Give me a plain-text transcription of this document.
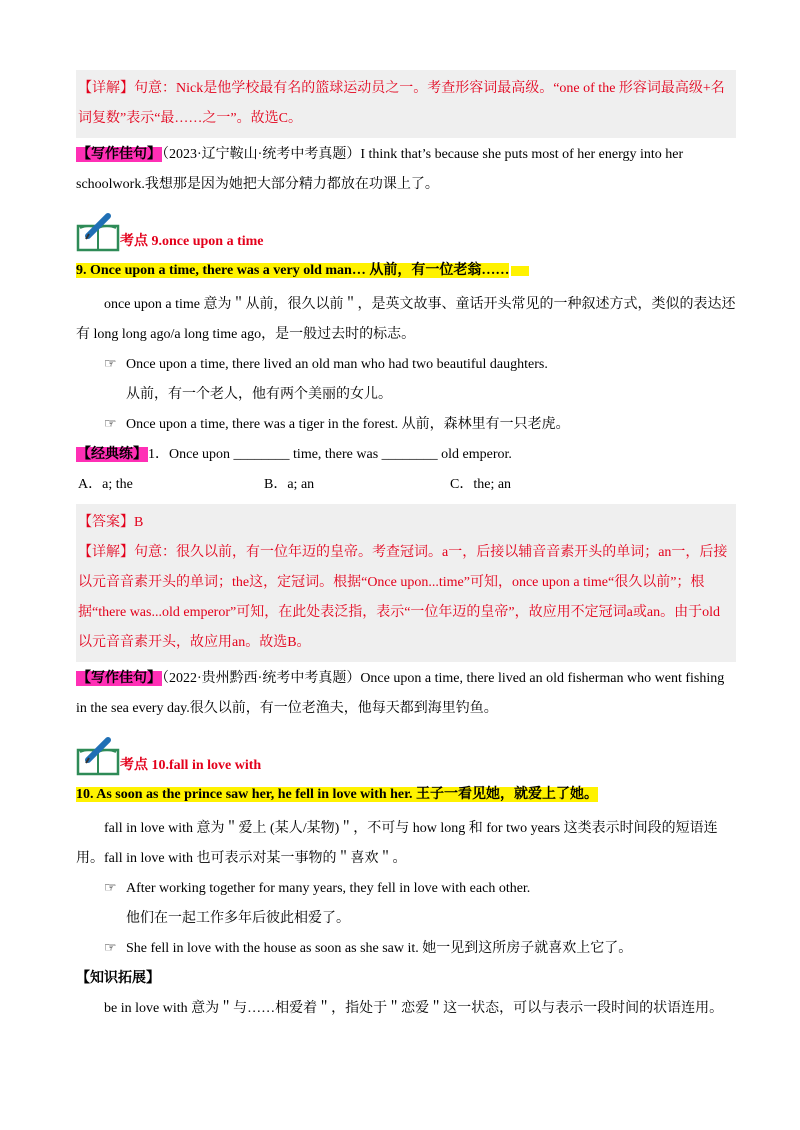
【详解】句意：Nick是他学校最有名的篮球运动员之一。考查形容词最高级。“one of the 形容词最高级+名词复数”表示“最……之一”。故选C。
【写作佳句】（2023·辽宁鞍山·统考中考真题）I think that’s because she puts most of her energy into her schoolwork.我想那是因为她把大部分精力都放在功课上了。
考点 9.once upon a time
9. Once upon a time, there was a very old man… 从前，有一位老翁……
once upon a time 意为＂从前，很久以前＂，是英文故事、童话开头常见的一种叙述方式，类似的表达还有 long long ago/a long time ago，是一般过去时的标志。
☞ Once upon a time, there lived an old man who had two beautiful daughters.
从前，有一个老人，他有两个美丽的女儿。
☞ Once upon a time, there was a tiger in the forest. 从前，森林里有一只老虎。
【经典练】1．Once upon ________ time, there was ________ old emperor.
A．a; the	B．a; an	C．the; an
【答案】B
【详解】句意：很久以前，有一位年迈的皇帝。考查冠词。a一，后接以辅音音素开头的单词；an一，后接以元音音素开头的单词；the这，定冠词。根据“Once upon...time”可知，once upon a time“很久以前”；根据“there was...old emperor”可知，在此处表泛指，表示“一位年迈的皇帝”，故应用不定冠词a或an。由于old以元音音素开头，故应用an。故选B。
【写作佳句】（2022·贵州黔西·统考中考真题）Once upon a time, there lived an old fisherman who went fishing in the sea every day.很久以前，有一位老渔夫，他每天都到海里钓鱼。
考点 10.fall in love with
10. As soon as the prince saw her, he fell in love with her. 王子一看见她，就爱上了她。
fall in love with 意为＂爱上 (某人/某物)＂，不可与 how long 和 for two years 这类表示时间段的短语连用。fall in love with 也可表示对某一事物的＂喜欢＂。
☞ After working together for many years, they fell in love with each other.
他们在一起工作多年后彼此相爱了。
☞ She fell in love with the house as soon as she saw it. 她一见到这所房子就喜欢上它了。
【知识拓展】
be in love with 意为＂与……相爱着＂，指处于＂恋爱＂这一状态，可以与表示一段时间的状语连用。
